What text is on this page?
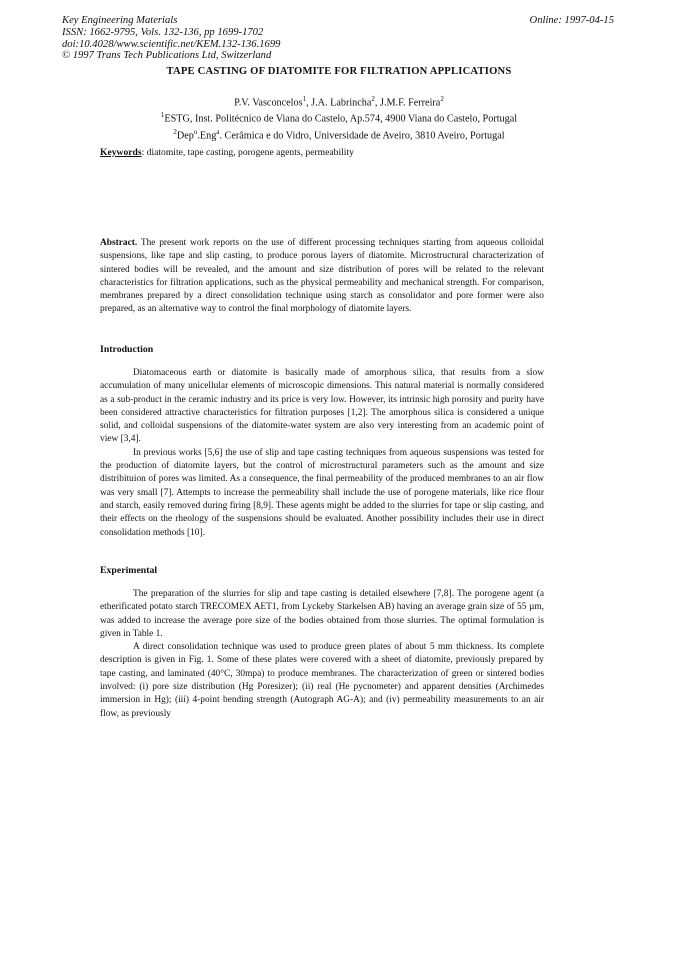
Key Engineering Materials
ISSN: 1662-9795, Vols. 132-136, pp 1699-1702
doi:10.4028/www.scientific.net/KEM.132-136.1699
© 1997 Trans Tech Publications Ltd, Switzerland
Online: 1997-04-15
TAPE CASTING OF DIATOMITE FOR FILTRATION APPLICATIONS
P.V. Vasconcelos$^1$, J.A. Labrincha$^2$, J.M.F. Ferreira$^2$
$^1$ESTG, Inst. Politécnico de Viana do Castelo, Ap.574, 4900 Viana do Castelo, Portugal
$^2$Dep$^o$.Eng$^a$. Cerâmica e do Vidro, Universidade de Aveiro, 3810 Aveiro, Portugal
Keywords: diatomite, tape casting, porogene agents, permeability
Abstract. The present work reports on the use of different processing techniques starting from aqueous colloidal suspensions, like tape and slip casting, to produce porous layers of diatomite. Microstructural characterization of sintered bodies will be revealed, and the amount and size distribution of pores will be related to the relevant characteristics for filtration applications, such as the physical permeability and mechanical strength. For comparison, membranes prepared by a direct consolidation technique using starch as consolidator and pore former were also prepared, as an alternative way to control the final morphology of diatomite layers.
Introduction

Diatomaceous earth or diatomite is basically made of amorphous silica, that results from a slow accumulation of many unicellular elements of microscopic dimensions. This natural material is normally considered as a sub-product in the ceramic industry and its price is very low. However, its intrinsic high porosity and purity have been considered attractive characteristics for filtration purposes [1,2]. The amorphous silica is considered a unique solid, and colloidal suspensions of the diatomite-water system are also very interesting from an academic point of view [3,4].

In previous works [5,6] the use of slip and tape casting techniques from aqueous suspensions was tested for the production of diatomite layers, but the control of microstructural parameters such as the amount and size distribituion of pores was limited. As a consequence, the final permeability of the produced membranes to an air flow was very small [7]. Attempts to increase the permeability shall include the use of porogene materials, like rice flour and starch, easily removed during firing [8,9]. These agents might be added to the slurries for tape or slip casting, and their effects on the rheology of the suspensions should be evaluated. Another possibility includes their use in direct consolidation methods [10].

Experimental

The preparation of the slurries for slip and tape casting is detailed elsewhere [7,8]. The porogene agent (a etherificated potato starch TRECOMEX AET1, from Lyckeby Starkelsen AB) having an average grain size of 55 µm, was added to increase the average pore size of the bodies obtained from those slurries. The optimal formulation is given in Table 1.

A direct consolidation technique was used to produce green plates of about 5 mm thickness. Its complete description is given in Fig. 1. Some of these plates were covered with a sheet of diatomite, previously prepared by tape casting, and laminated (40°C, 30mpa) to produce membranes. The characterization of green or sintered bodies involved: (i) pore size distribution (Hg Poresizer); (ii) real (He pycnometer) and apparent densities (Archimedes immersion in Hg); (iii) 4-point bending strength (Autograph AG-A); and (iv) permeability measurements to an air flow, as previously
